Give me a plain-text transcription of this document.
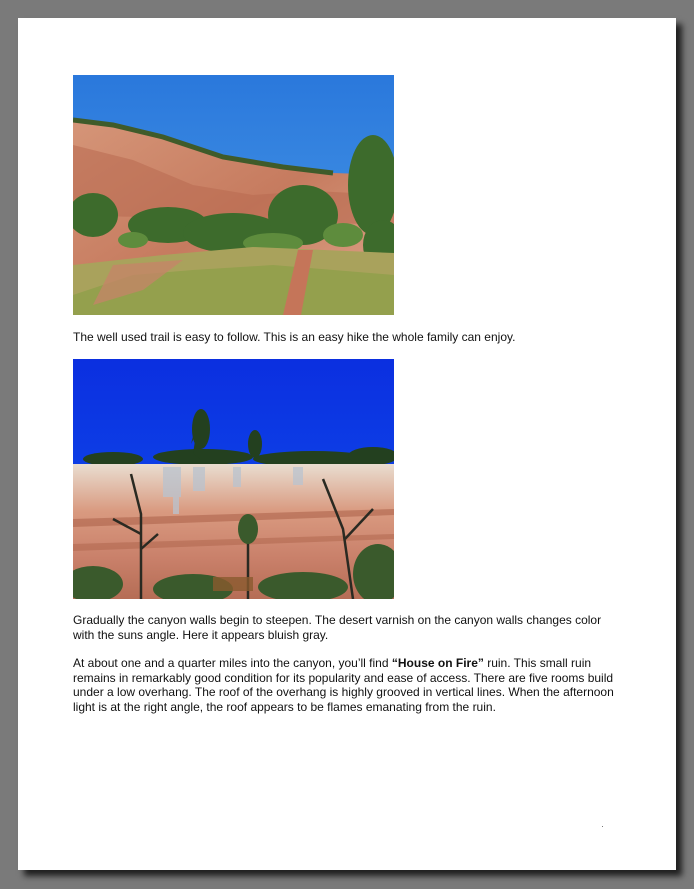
The well used trail is easy to follow. This is an easy hike the whole family can enjoy.

Gradually the canyon walls begin to steepen. The desert varnish on the canyon walls changes color with the suns angle. Here it appears bluish gray.

At about one and a quarter miles into the canyon, you’ll find “House on Fire” ruin. This small ruin remains in remarkably good condition for its popularity and ease of access. There are five rooms build under a low overhang. The roof of the overhang is highly grooved in vertical lines. When the afternoon light is at the right angle, the roof appears to be flames emanating from the ruin.
